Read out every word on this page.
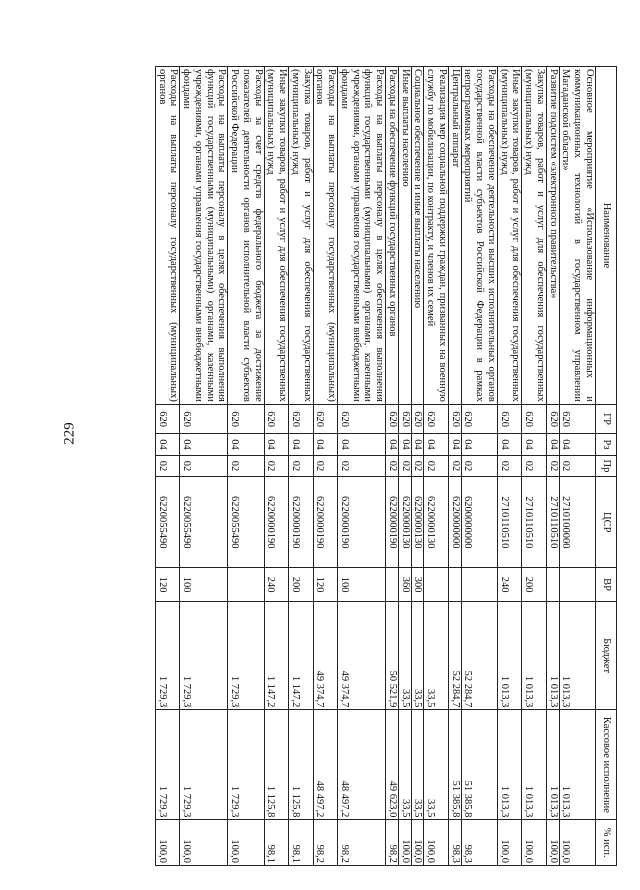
229
Наименование	ГР	Рз	Пр	ЦСР	ВР	Бюджет	Кассовое исполнение	% исп.
Основное мероприятие «Использование информационных и коммуникационных технологий в государственном управлении Магаданской области»	620	04	02	2710100000		1 013,3	1 013,3	100,0
Развитие подсистем «электронного правительства»	620	04	02	2710110510		1 013,3	1 013,3	100,0
Закупка товаров, работ и услуг для обеспечения государственных (муниципальных) нужд	620	04	02	2710110510	200	1 013,3	1 013,3	100,0
Иные закупки товаров, работ и услуг для обеспечения государственных (муниципальных) нужд	620	04	02	2710110510	240	1 013,3	1 013,3	100,0
Расходы на обеспечение деятельности высших исполнительных органов государственной власти субъектов Российской Федерации в рамках непрограммных мероприятий	620	04	02	6200000000		52 284,7	51 385,8	98,3
Центральный аппарат	620	04	02	6220000000		52 284,7	51 385,8	98,3
Реализация мер социальной поддержки граждан, призванных на военную службу по мобилизации, по контракту, и членов их семей	620	04	02	6220000130		33,5	33,5	100,0
Социальное обеспечение и иные выплаты населению	620	04	02	6220000130	300	33,5	33,5	100,0
Иные выплаты населению	620	04	02	6220000130	360	33,5	33,5	100,0
Расходы на обеспечение функций государственных органов	620	04	02	6220000190		50 521,9	49 623,0	98,2
Расходы на выплаты персоналу в целях обеспечения выполнения функций государственными (муниципальными) органами, казенными учреждениями, органами управления государственными внебюджетными фондами	620	04	02	6220000190	100	49 374,7	48 497,2	98,2
Расходы на выплаты персоналу государственных (муниципальных) органов	620	04	02	6220000190	120	49 374,7	48 497,2	98,2
Закупка товаров, работ и услуг для обеспечения государственных (муниципальных) нужд	620	04	02	6220000190	200	1 147,2	1 125,8	98,1
Иные закупки товаров, работ и услуг для обеспечения государственных (муниципальных) нужд	620	04	02	6220000190	240	1 147,2	1 125,8	98,1
Расходы за счет средств федерального бюджета за достижение показателей деятельности органов исполнительной власти субъектов Российской Федерации	620	04	02	6220055490		1 729,3	1 729,3	100,0
Расходы на выплаты персоналу в целях обеспечения выполнения функций государственными (муниципальными) органами, казенными учреждениями, органами управления государственными внебюджетными фондами	620	04	02	6220055490	100	1 729,3	1 729,3	100,0
Расходы на выплаты персоналу государственных (муниципальных) органов	620	04	02	6220055490	120	1 729,3	1 729,3	100,0
